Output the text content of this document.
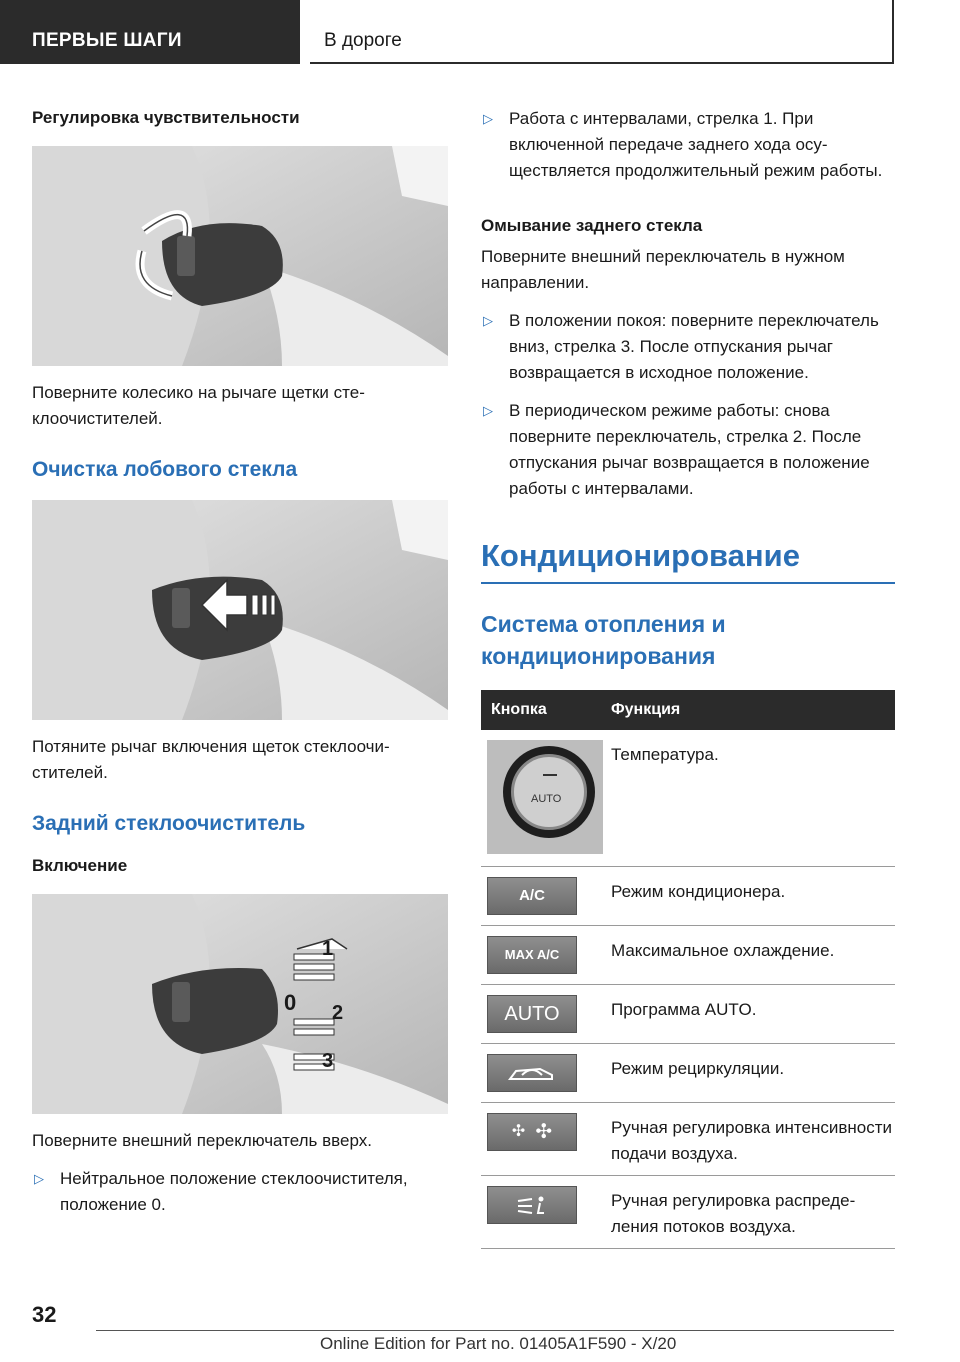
ПЕРВЫЕ ШАГИ	В дороге
Регулировка чувствительности
Поверните колесико на рычаге щетки стеклоочистителей.
Очистка лобового стекла
Потяните рычаг включения щеток стеклоочистителей.
Задний стеклоочиститель
Включение
1
0 2
3
Поверните внешний переключатель вверх.
▷ Нейтральное положение стеклоочистителя, положение 0.
▷ Работа с интервалами, стрелка 1. При включенной передаче заднего хода осуществляется продолжительный режим работы.
Омывание заднего стекла
Поверните внешний переключатель в нужном направлении.
▷ В положении покоя: поверните переключатель вниз, стрелка 3. После отпускания рычаг возвращается в исходное положение.
▷ В периодическом режиме работы: снова поверните переключатель, стрелка 2. После отпускания рычаг возвращается в положение работы с интервалами.
Кондиционирование
Система отопления и кондиционирования
Кнопка	Функция

AUTO	Температура.

A/C	Режим кондиционера.

MAX A/C	Максимальное охлаждение.

AUTO	Программа AUTO.

	Режим рециркуляции.

✣ ✣	Ручная регулировка интенсивности подачи воздуха.

	Ручная регулировка распределения потоков воздуха.
32
Online Edition for Part no. 01405A1F590 - X/20
